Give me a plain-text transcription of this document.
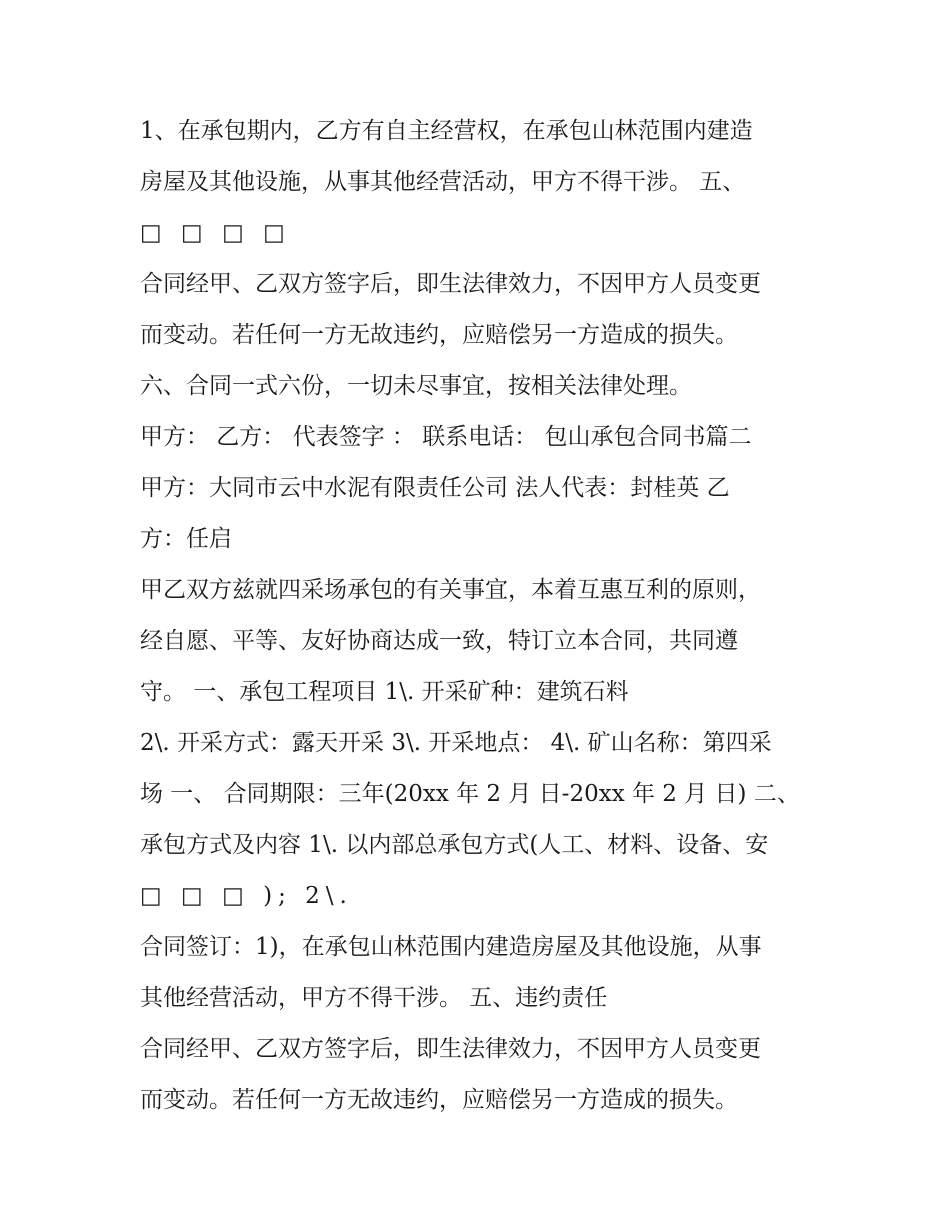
1、在承包期内，乙方有自主经营权，在承包山林范围内建造
房屋及其他设施，从事其他经营活动，甲方不得干涉。 五、
□ □ □ □
合同经甲、乙双方签字后，即生法律效力，不因甲方人员变更
而变动。若任何一方无故违约，应赔偿另一方造成的损失。
六、合同一式六份，一切未尽事宜，按相关法律处理。
甲方： 乙方： 代表签字 ： 联系电话： 包山承包合同书篇二
甲方：大同市云中水泥有限责任公司 法人代表：封桂英 乙
方：任启
甲乙双方兹就四采场承包的有关事宜，本着互惠互利的原则，
经自愿、平等、友好协商达成一致，特订立本合同，共同遵
守。 一、承包工程项目 1\. 开采矿种：建筑石料
2\. 开采方式：露天开采 3\. 开采地点： 4\. 矿山名称：第四采
场 一、 合同期限：三年(20xx 年 2 月 日-20xx 年 2 月 日) 二、
承包方式及内容 1\. 以内部总承包方式(人工、材料、设备、安
□ □ □ ); 2\.
合同签订：1)，在承包山林范围内建造房屋及其他设施，从事
其他经营活动，甲方不得干涉。 五、违约责任
合同经甲、乙双方签字后，即生法律效力，不因甲方人员变更
而变动。若任何一方无故违约，应赔偿另一方造成的损失。
